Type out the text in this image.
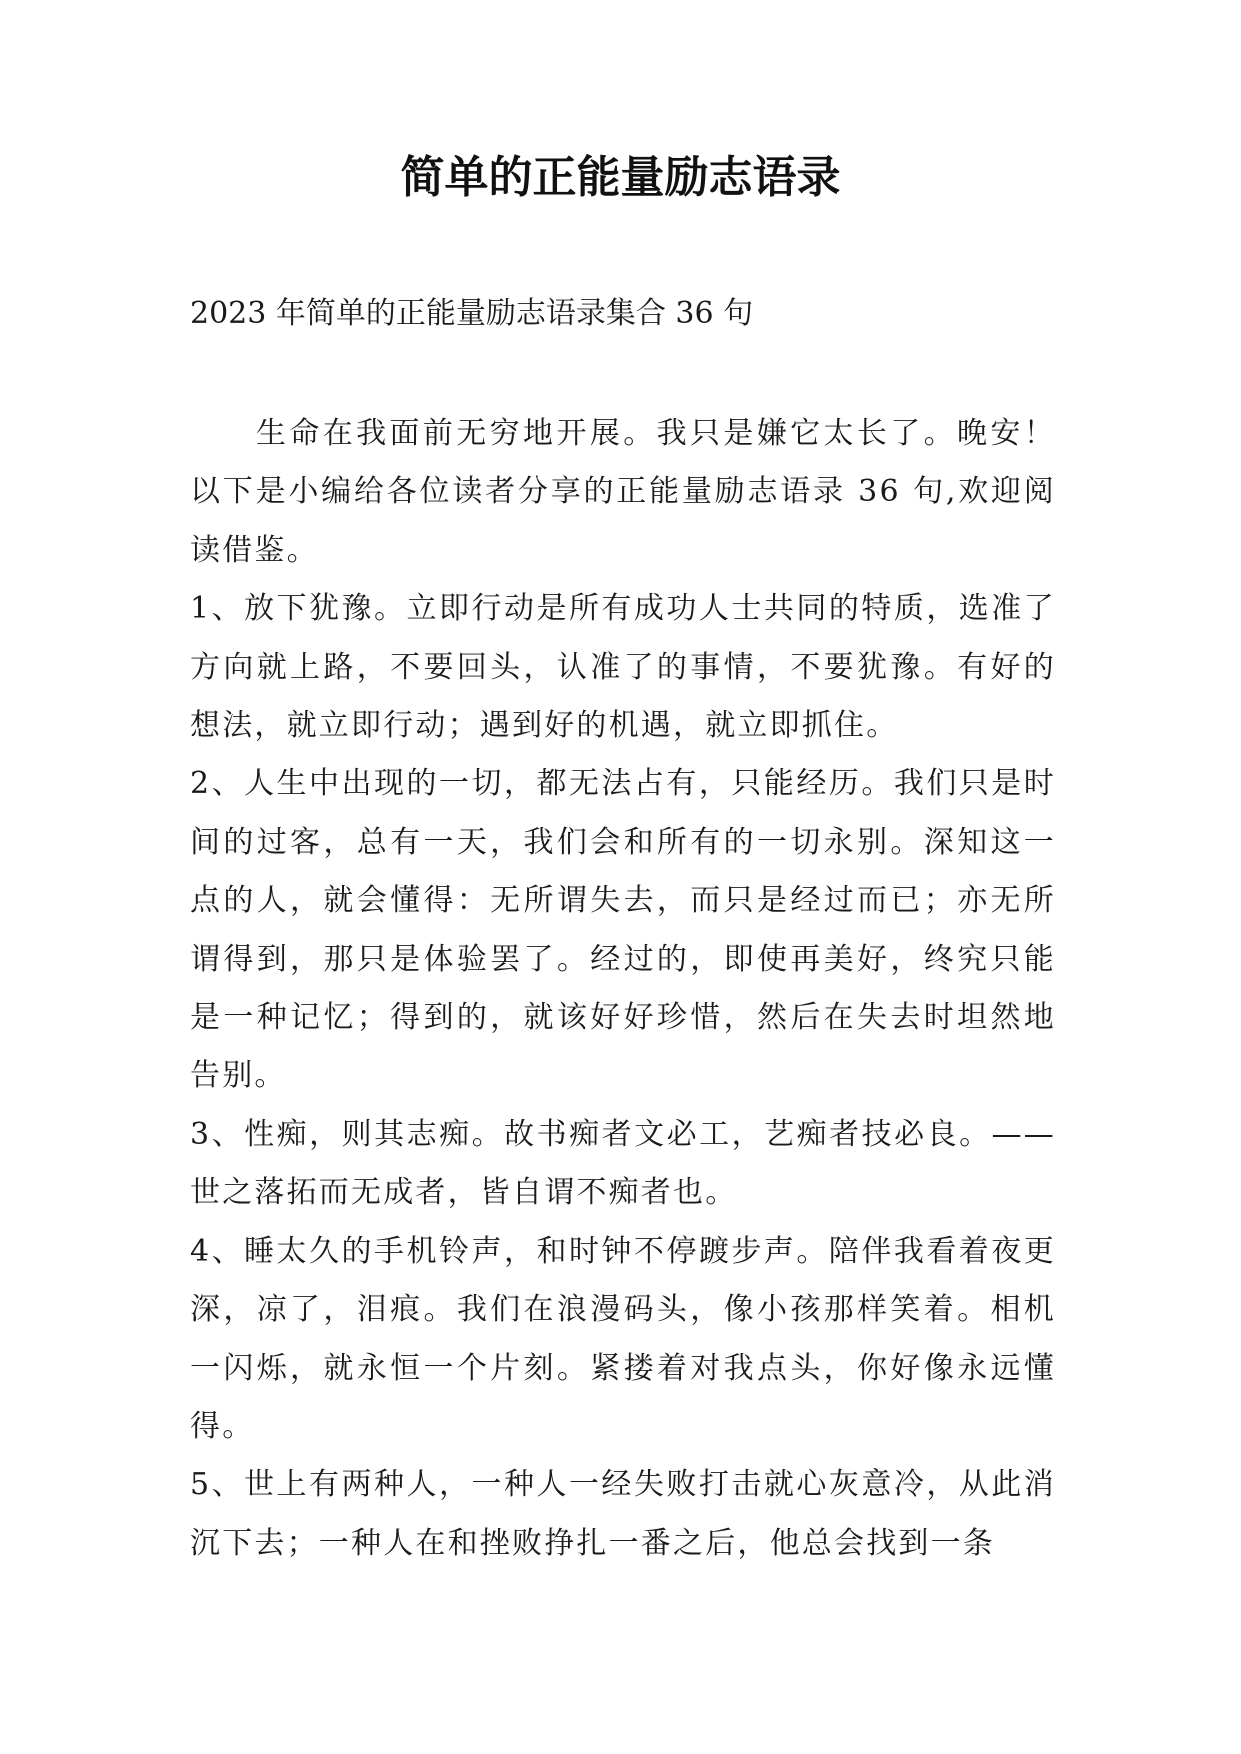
简单的正能量励志语录

2023 年简单的正能量励志语录集合 36 句

生命在我面前无穷地开展。我只是嫌它太长了。晚安！以下是小编给各位读者分享的正能量励志语录 36 句,欢迎阅读借鉴。

1、放下犹豫。立即行动是所有成功人士共同的特质，选准了方向就上路，不要回头，认准了的事情，不要犹豫。有好的想法，就立即行动；遇到好的机遇，就立即抓住。

2、人生中出现的一切，都无法占有，只能经历。我们只是时间的过客，总有一天，我们会和所有的一切永别。深知这一点的人，就会懂得：无所谓失去，而只是经过而已；亦无所谓得到，那只是体验罢了。经过的，即使再美好，终究只能是一种记忆；得到的，就该好好珍惜，然后在失去时坦然地告别。

3、性痴，则其志痴。故书痴者文必工，艺痴者技必良。——世之落拓而无成者，皆自谓不痴者也。

4、睡太久的手机铃声，和时钟不停踱步声。陪伴我看着夜更深，凉了，泪痕。我们在浪漫码头，像小孩那样笑着。相机一闪烁，就永恒一个片刻。紧搂着对我点头，你好像永远懂得。

5、世上有两种人，一种人一经失败打击就心灰意冷，从此消沉下去；一种人在和挫败挣扎一番之后，他总会找到一条
